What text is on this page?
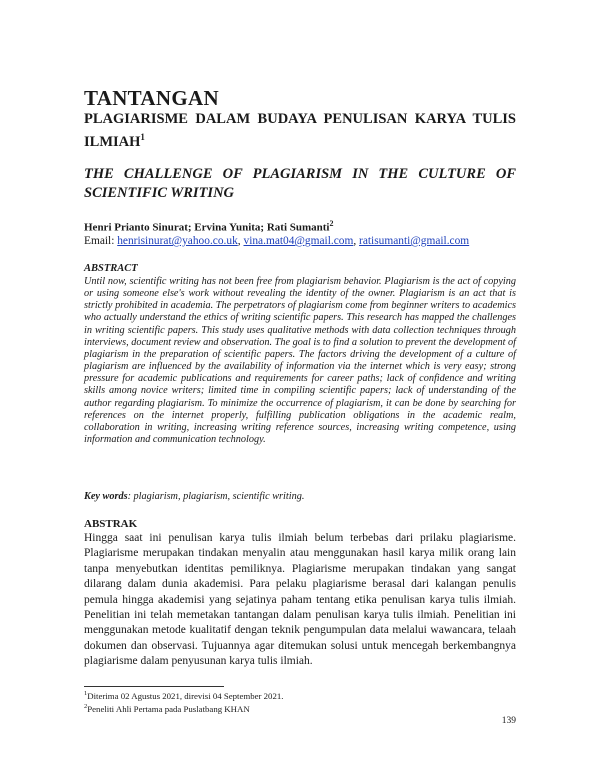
TANTANGAN
PLAGIARISME DALAM BUDAYA PENULISAN KARYA TULIS ILMIAH$^1$
THE CHALLENGE OF PLAGIARISM IN THE CULTURE OF SCIENTIFIC WRITING

Henri Prianto Sinurat; Ervina Yunita; Rati Sumanti$^2$

Email: henrisinurat@yahoo.co.uk, vina.mat04@gmail.com, ratisumanti@gmail.com
ABSTRACT

Until now, scientific writing has not been free from plagiarism behavior. Plagiarism is the act of copying or using someone else's work without revealing the identity of the owner. Plagiarism is an act that is strictly prohibited in academia. The perpetrators of plagiarism come from beginner writers to academics who actually understand the ethics of writing scientific papers. This research has mapped the challenges in writing scientific papers. This study uses qualitative methods with data collection techniques through interviews, document review and observation. The goal is to find a solution to prevent the development of plagiarism in the preparation of scientific papers. The factors driving the development of a culture of plagiarism are influenced by the availability of information via the internet which is very easy; strong pressure for academic publications and requirements for career paths; lack of confidence and writing skills among novice writers; limited time in compiling scientific papers; lack of understanding of the author regarding plagiarism. To minimize the occurrence of plagiarism, it can be done by searching for references on the internet properly, fulfilling publication obligations in the academic realm, collaboration in writing, increasing writing reference sources, increasing writing competence, using information and communication technology.

Key words: plagiarism, plagiarism, scientific writing.

ABSTRAK

Hingga saat ini penulisan karya tulis ilmiah belum terbebas dari prilaku plagiarisme. Plagiarisme merupakan tindakan menyalin atau menggunakan hasil karya milik orang lain tanpa menyebutkan identitas pemiliknya. Plagiarisme merupakan tindakan yang sangat dilarang dalam dunia akademisi. Para pelaku plagiarisme berasal dari kalangan penulis pemula hingga akademisi yang sejatinya paham tentang etika penulisan karya tulis ilmiah. Penelitian ini telah memetakan tantangan dalam penulisan karya tulis ilmiah. Penelitian ini menggunakan metode kualitatif dengan teknik pengumpulan data melalui wawancara, telaah dokumen dan observasi. Tujuannya agar ditemukan solusi untuk mencegah berkembangnya plagiarisme dalam penyusunan karya tulis ilmiah.

$^1$Diterima 02 Agustus 2021, direvisi 04 September 2021.

$^2$Peneliti Ahli Pertama pada Puslatbang KHAN

139
